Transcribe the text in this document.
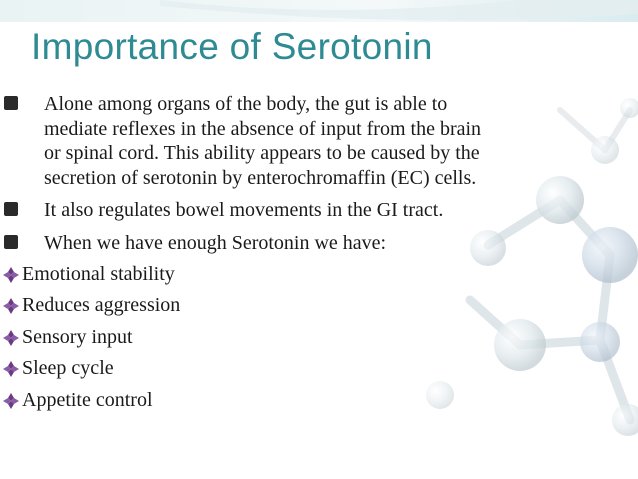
Importance of Serotonin
Alone among organs of the body, the gut is able to
mediate reflexes in the absence of input from the brain
or spinal cord. This ability appears to be caused by the
secretion of serotonin by enterochromaffin (EC) cells.
It also regulates bowel movements in the GI tract.
When we have enough Serotonin we have:
Emotional stability
Reduces aggression
Sensory input
Sleep cycle
Appetite control
